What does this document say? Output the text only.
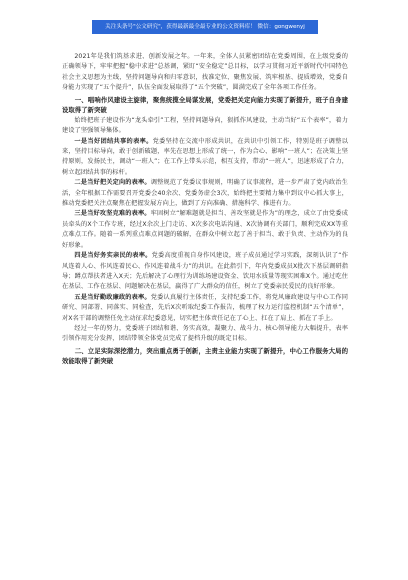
关注头条号"公文研究"，获得最新最全最专业的公文资料库！ 微信：gongwenyj

2021年是我们筑基求进、创新发展之年。一年来，全体人员紧密团结在党委周围，在上级党委的正确领导下，牢牢把握“稳中求进”总基调，紧盯“安全稳定”总目标，以学习贯彻习近平新时代中国特色社会主义思想为主线，坚持问题导向和归零意识，找准定位、聚焦发展、筑牢根基、提质增效，党委自身能力实现了“五个提升”，队伍全面发展取得了“五个突破”，圆满完成了全年各项工作任务。

一、唱响作风建设主旋律，聚焦统揽全局谋发展，党委把关定向能力实现了新提升，班子自身建设取得了新突破

始终把班子建设作为“龙头牵引”工程，坚持问题导向，狠抓作风建设，主动当好“五个表率”，着力建设了坚强领导集体。

一是当好团结共事的表率。党委坚持在交流中形成共识，在共识中引领工作，特别是班子调整以来，坚持目标导向，敢于创新破题，率先在思想上形成了统一，作为合心、影响“一班人”；在决策上坚持原则，发扬民主，调动“一班人”；在工作上带头示范，相互支持，带动“一班人”，迅速形成了合力，树立起团结共事的标杆。

二是当好把关定向的表率。调整规范了党委议事规则，明确了议事流程，进一步严肃了党内政治生活，全年根据工作需要召开党委会40余次、党委务虚会3次，始终把主要精力集中到议中心抓大事上，推动党委把关注点聚焦在把握发展方向上，做到了方向准确、措施科学、推进有力。

三是当好攻坚克难的表率。牢固树立“解难题就是担当、善攻坚就是作为”的理念，成立了由党委成员牵头的X个工作专班，经过X余次上门走访、X次多次电话沟通、X次协调有关部门，顺利完成XX等重点难点工作。随着一系列重点难点问题的破解，在群众中树立起了善于担当、敢于负责、主动作为的良好形象。

四是当好务实亲民的表率。党委高度重视自身作风建设，班子成员通过学习实践，深刻认识了“作风连着人心、作风连着民心、作风连着战斗力”的共识。在此指引下，年内党委成员X批次下基层调研指导；蹲点帮扶者进入X天；先后解决了心理行为训练场建设资金、饮用水质量等现实困难X个。通过吃住在基层、工作在基层、问题解决在基层，赢得了广大群众的信任，树立了党委亲民爱民的良好形象。

五是当好勤政廉政的表率。党委认真履行主体责任，支持纪委工作，将党风廉政建设与中心工作同研究、同部署、同落实、同检查，先后X次听取纪委工作报告，梳理了权力运行监控机制“五个清单”，对X名干部的调整任免主动征求纪委意见，切实把主体责任记在了心上、扛在了肩上、抓在了手上。

经过一年的努力，党委班子团结和谐、务实高效，凝聚力、战斗力、核心领导能力大幅提升，表率引领作用充分发挥，团结带领全体党员完成了提档升级的既定目标。

二、立足实际深挖潜力，突出重点勇于创新，主责主业能力实现了新提升，中心工作服务大局的效能取得了新突破
